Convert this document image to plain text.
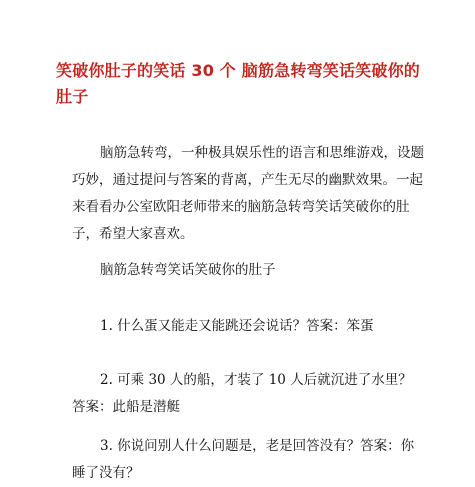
笑破你肚子的笑话 30 个 脑筋急转弯笑话笑破你的肚子
脑筋急转弯，一种极具娱乐性的语言和思维游戏，设题巧妙，通过提问与答案的背离，产生无尽的幽默效果。一起来看看办公室欧阳老师带来的脑筋急转弯笑话笑破你的肚子，希望大家喜欢。
脑筋急转弯笑话笑破你的肚子
1. 什么蛋又能走又能跳还会说话？答案：笨蛋
2. 可乘 30 人的船，才装了 10 人后就沉进了水里？答案：此船是潜艇
3. 你说问别人什么问题是，老是回答没有？答案：你睡了没有？
